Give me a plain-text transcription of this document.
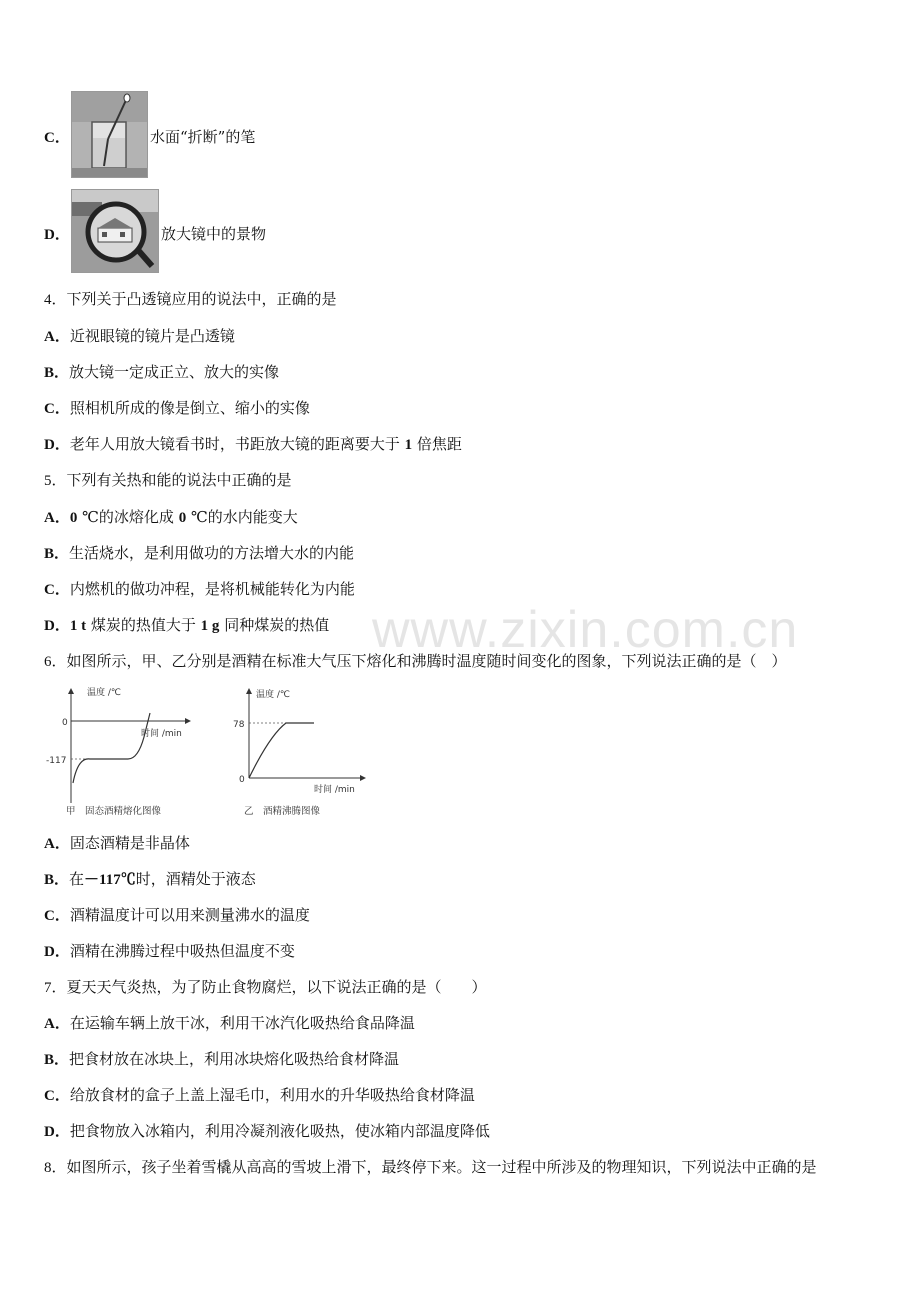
C．	水面“折断”的笔
D．	放大镜中的景物
4．下列关于凸透镜应用的说法中，正确的是
A．近视眼镜的镜片是凸透镜
B．放大镜一定成正立、放大的实像
C．照相机所成的像是倒立、缩小的实像
D．老年人用放大镜看书时，书距放大镜的距离要大于 1 倍焦距
5．下列有关热和能的说法中正确的是
A．0 ℃的冰熔化成 0 ℃的水内能变大
B．生活烧水，是利用做功的方法增大水的内能
C．内燃机的做功冲程，是将机械能转化为内能
D．1 t 煤炭的热值大于 1 g 同种煤炭的热值
6．如图所示，甲、乙分别是酒精在标准大气压下熔化和沸腾时温度随时间变化的图象，下列说法正确的是（　）
温度 /℃
时间 /min
0
-117
甲　固态酒精熔化图像
温度 /℃
78
0
时间 /min
乙　酒精沸腾图像
A．固态酒精是非晶体
B．在－117℃时，酒精处于液态
C．酒精温度计可以用来测量沸水的温度
D．酒精在沸腾过程中吸热但温度不变
7．夏天天气炎热，为了防止食物腐烂，以下说法正确的是（　　）
A．在运输车辆上放干冰，利用干冰汽化吸热给食品降温
B．把食材放在冰块上，利用冰块熔化吸热给食材降温
C．给放食材的盒子上盖上湿毛巾，利用水的升华吸热给食材降温
D．把食物放入冰箱内，利用冷凝剂液化吸热，使冰箱内部温度降低
8．如图所示，孩子坐着雪橇从高高的雪坡上滑下，最终停下来。这一过程中所涉及的物理知识，下列说法中正确的是
www.zixin.com.cn
